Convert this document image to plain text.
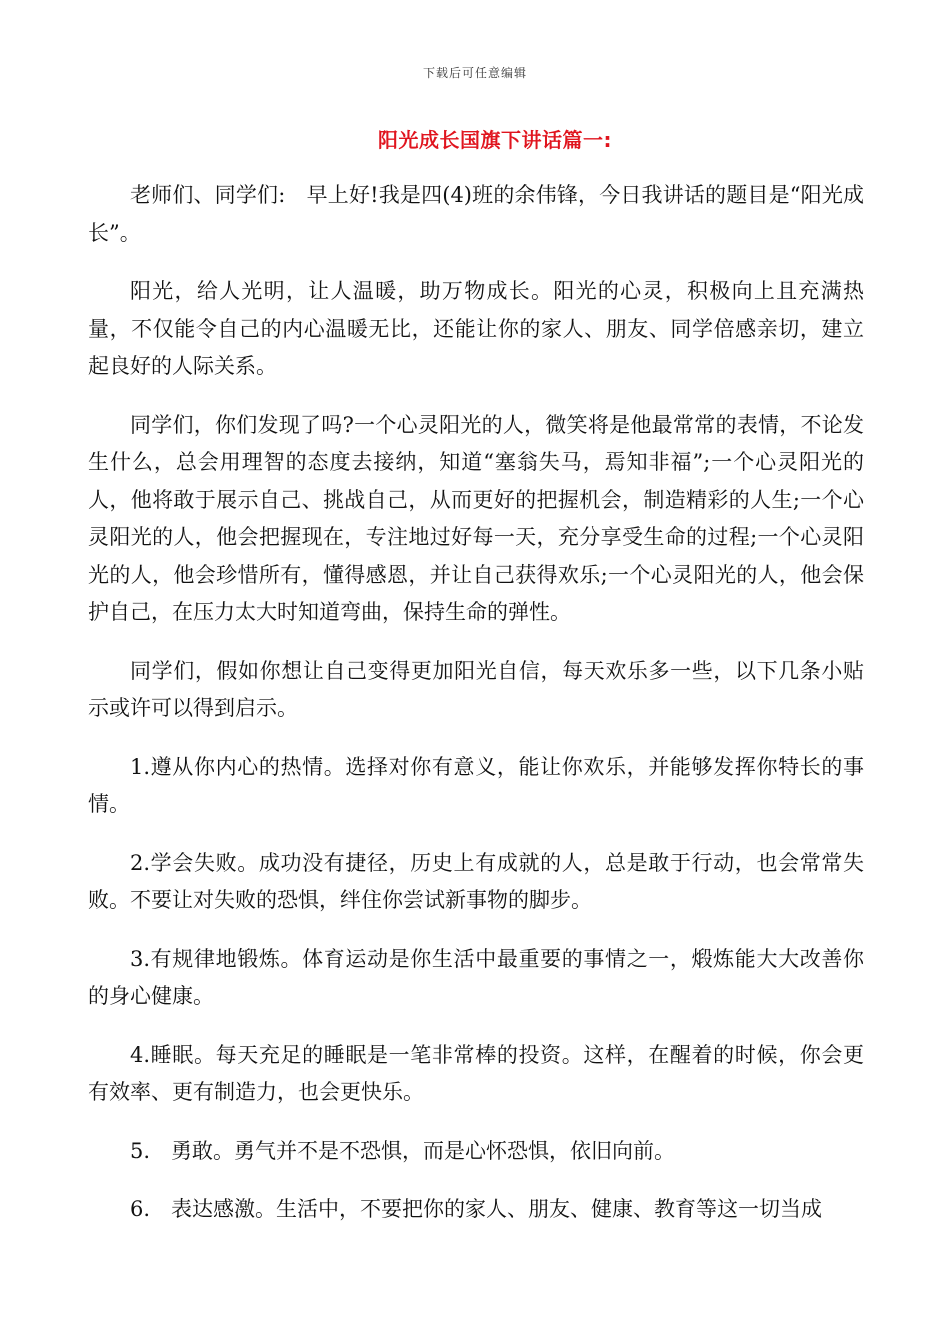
下载后可任意编辑
阳光成长国旗下讲话篇一:

老师们、同学们:　早上好!我是四(4)班的余伟锋，今日我讲话的题目是“阳光成长”。

阳光，给人光明，让人温暖，助万物成长。阳光的心灵，积极向上且充满热量，不仅能令自己的内心温暖无比，还能让你的家人、朋友、同学倍感亲切，建立起良好的人际关系。

同学们，你们发现了吗?一个心灵阳光的人，微笑将是他最常常的表情，不论发生什么，总会用理智的态度去接纳，知道“塞翁失马，焉知非福”;一个心灵阳光的人，他将敢于展示自己、挑战自己，从而更好的把握机会，制造精彩的人生;一个心灵阳光的人，他会把握现在，专注地过好每一天，充分享受生命的过程;一个心灵阳光的人，他会珍惜所有，懂得感恩，并让自己获得欢乐;一个心灵阳光的人，他会保护自己，在压力太大时知道弯曲，保持生命的弹性。

同学们，假如你想让自己变得更加阳光自信，每天欢乐多一些，以下几条小贴示或许可以得到启示。

1.遵从你内心的热情。选择对你有意义，能让你欢乐，并能够发挥你特长的事情。

2.学会失败。成功没有捷径，历史上有成就的人，总是敢于行动，也会常常失败。不要让对失败的恐惧，绊住你尝试新事物的脚步。

3.有规律地锻炼。体育运动是你生活中最重要的事情之一，煅炼能大大改善你的身心健康。

4.睡眠。每天充足的睡眠是一笔非常棒的投资。这样，在醒着的时候，你会更有效率、更有制造力，也会更快乐。

5.　勇敢。勇气并不是不恐惧，而是心怀恐惧，依旧向前。

6.　表达感激。生活中，不要把你的家人、朋友、健康、教育等这一切当成
